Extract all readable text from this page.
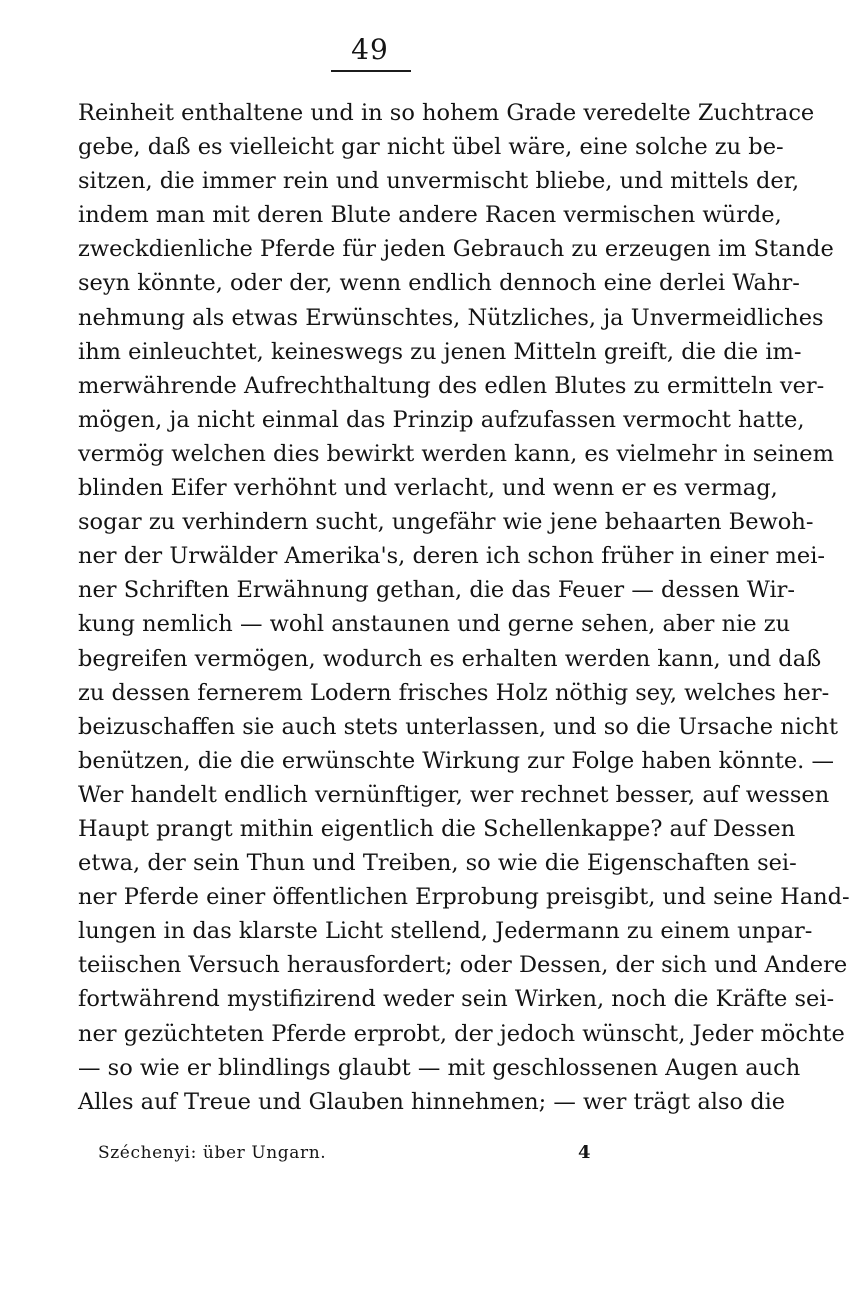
49
Reinheit enthaltene und in so hohem Grade veredelte Zuchtrace
gebe, daß es vielleicht gar nicht übel wäre, eine solche zu be-
sitzen, die immer rein und unvermischt bliebe, und mittels der,
indem man mit deren Blute andere Racen vermischen würde,
zweckdienliche Pferde für jeden Gebrauch zu erzeugen im Stande
seyn könnte, oder der, wenn endlich dennoch eine derlei Wahr-
nehmung als etwas Erwünschtes, Nützliches, ja Unvermeidliches
ihm einleuchtet, keineswegs zu jenen Mitteln greift, die die im-
merwährende Aufrechthaltung des edlen Blutes zu ermitteln ver-
mögen, ja nicht einmal das Prinzip aufzufassen vermocht hatte,
vermög welchen dies bewirkt werden kann, es vielmehr in seinem
blinden Eifer verhöhnt und verlacht, und wenn er es vermag,
sogar zu verhindern sucht, ungefähr wie jene behaarten Bewoh-
ner der Urwälder Amerika's, deren ich schon früher in einer mei-
ner Schriften Erwähnung gethan, die das Feuer — dessen Wir-
kung nemlich — wohl anstaunen und gerne sehen, aber nie zu
begreifen vermögen, wodurch es erhalten werden kann, und daß
zu dessen fernerem Lodern frisches Holz nöthig sey, welches her-
beizuschaffen sie auch stets unterlassen, und so die Ursache nicht
benützen, die die erwünschte Wirkung zur Folge haben könnte. —
Wer handelt endlich vernünftiger, wer rechnet besser, auf wessen
Haupt prangt mithin eigentlich die Schellenkappe? auf Dessen
etwa, der sein Thun und Treiben, so wie die Eigenschaften sei-
ner Pferde einer öffentlichen Erprobung preisgibt, und seine Hand-
lungen in das klarste Licht stellend, Jedermann zu einem unpar-
teiischen Versuch herausfordert; oder Dessen, der sich und Andere
fortwährend mystifizirend weder sein Wirken, noch die Kräfte sei-
ner gezüchteten Pferde erprobt, der jedoch wünscht, Jeder möchte
— so wie er blindlings glaubt — mit geschlossenen Augen auch
Alles auf Treue und Glauben hinnehmen; — wer trägt also die
Széchenyi: über Ungarn.	4
